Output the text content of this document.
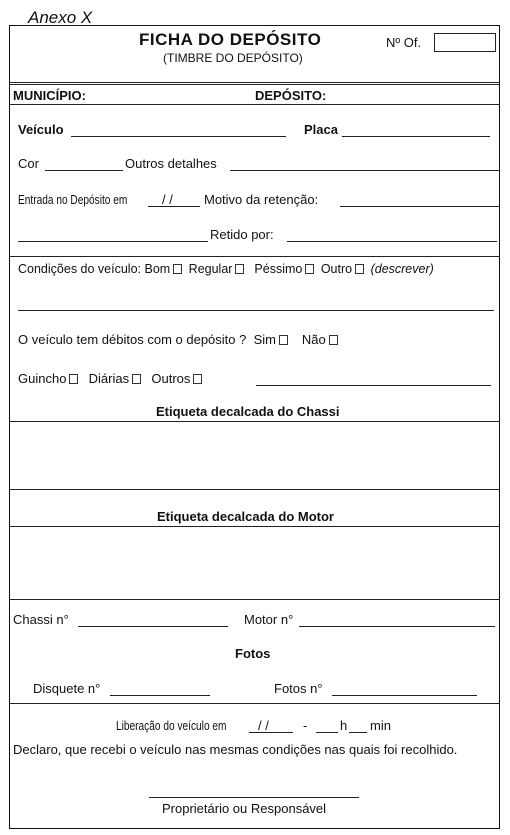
Anexo X
FICHA DO DEPÓSITO
(TIMBRE DO DEPÓSITO)
Nº Of.
MUNICÍPIO:	DEPÓSITO:
Veículo	Placa
Cor	Outros detalhes
Entrada no Depósito em	/ / Motivo da retenção:
Retido por:
Condições do veículo: Bom Regular Péssimo Outro (descrever)
O veículo tem débitos com o depósito ? Sim Não
Guincho Diárias Outros
Etiqueta decalcada do Chassi
Etiqueta decalcada do Motor
Chassi n°	Motor n°
Fotos
Disquete n°	Fotos n°
Liberação do veículo em	/ /	-	h min
Declaro, que recebi o veículo nas mesmas condições nas quais foi recolhido.
Proprietário ou Responsável
